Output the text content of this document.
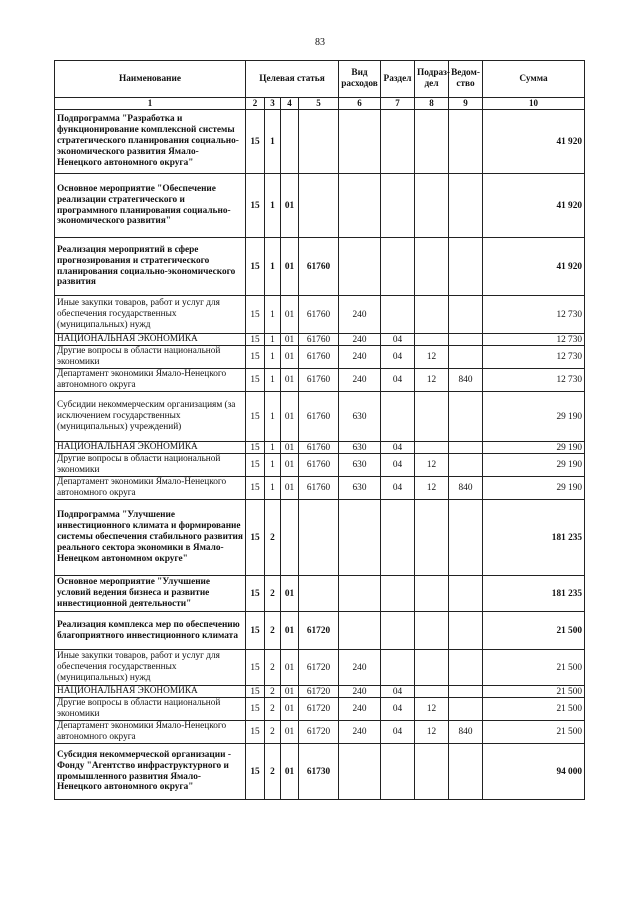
83
Наименование	Целевая статья				Вид расходов	Раздел	Подраз-дел	Ведом-ство	Сумма
1	2	3	4	5	6	7	8	9	10
Подпрограмма "Разработка и функционирование комплексной системы стратегического планирования социально-экономического развития Ямало-Ненецкого автономного округа"	15	1							41 920
Основное мероприятие "Обеспечение реализации стратегического и программного планирования социально-экономического развития"	15	1	01						41 920
Реализация мероприятий в сфере прогнозирования и стратегического планирования социально-экономического развития	15	1	01	61760					41 920
Иные закупки товаров, работ и услуг для обеспечения государственных (муниципальных) нужд	15	1	01	61760	240				12 730
НАЦИОНАЛЬНАЯ ЭКОНОМИКА	15	1	01	61760	240	04			12 730
Другие вопросы в области национальной экономики	15	1	01	61760	240	04	12		12 730
Департамент экономики Ямало-Ненецкого автономного округа	15	1	01	61760	240	04	12	840	12 730
Субсидии некоммерческим организациям (за исключением государственных (муниципальных) учреждений)	15	1	01	61760	630				29 190
НАЦИОНАЛЬНАЯ ЭКОНОМИКА	15	1	01	61760	630	04			29 190
Другие вопросы в области национальной экономики	15	1	01	61760	630	04	12		29 190
Департамент экономики Ямало-Ненецкого автономного округа	15	1	01	61760	630	04	12	840	29 190
Подпрограмма "Улучшение инвестиционного климата и формирование системы обеспечения стабильного развития реального сектора экономики в Ямало-Ненецком автономном округе"	15	2							181 235
Основное мероприятие "Улучшение условий ведения бизнеса и развитие инвестиционной деятельности"	15	2	01						181 235
Реализация комплекса мер по обеспечению благоприятного инвестиционного климата	15	2	01	61720					21 500
Иные закупки товаров, работ и услуг для обеспечения государственных (муниципальных) нужд	15	2	01	61720	240				21 500
НАЦИОНАЛЬНАЯ ЭКОНОМИКА	15	2	01	61720	240	04			21 500
Другие вопросы в области национальной экономики	15	2	01	61720	240	04	12		21 500
Департамент экономики Ямало-Ненецкого автономного округа	15	2	01	61720	240	04	12	840	21 500
Субсидия некоммерческой организации - Фонду "Агентство инфраструктурного и промышленного развития Ямало-Ненецкого автономного округа"	15	2	01	61730					94 000
